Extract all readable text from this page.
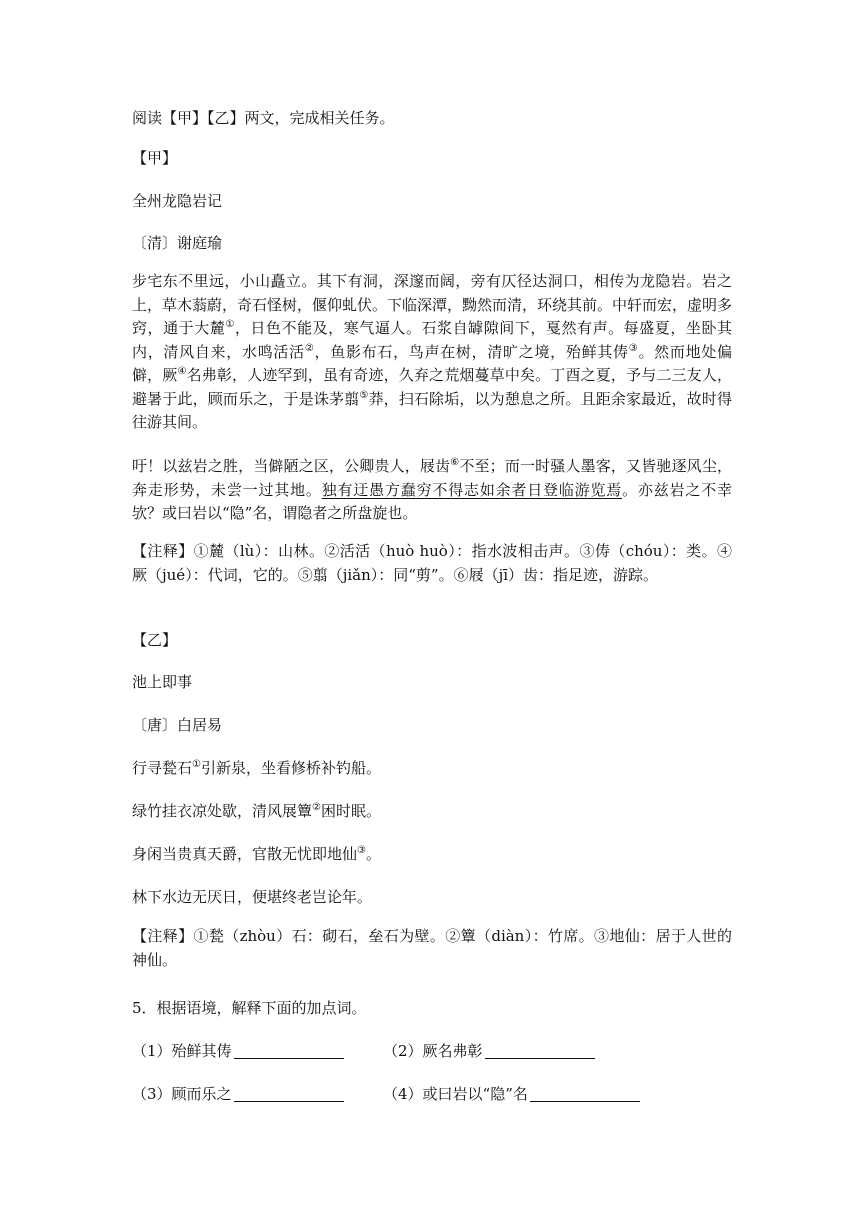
阅读【甲】【乙】两文，完成相关任务。
【甲】
全州龙隐岩记
〔清〕谢庭瑜
步宅东不里远，小山矗立。其下有洞，深邃而阔，旁有仄径达洞口，相传为龙隐岩。岩之上，草木蓊蔚，奇石怪树，偃仰虬伏。下临深潭，黝然而清，环绕其前。中轩而宏，虚明多窍，通于大麓①，日色不能及，寒气逼人。石浆自罅隙间下，戛然有声。每盛夏，坐卧其内，清风自来，水鸣活活②，鱼影布石，鸟声在树，清旷之境，殆鲜其俦③。然而地处偏僻，厥④名弗彰，人迹罕到，虽有奇迹，久弃之荒烟蔓草中矣。丁酉之夏，予与二三友人，避暑于此，顾而乐之，于是诛茅翦⑤莽，扫石除垢，以为憩息之所。且距余家最近，故时得往游其间。
吁！以兹岩之胜，当僻陋之区，公卿贵人，屐齿⑥不至；而一时骚人墨客，又皆驰逐风尘，奔走形势，未尝一过其地。独有迂愚方蠢穷不得志如余者日登临游览焉。亦兹岩之不幸欤？或曰岩以“隐”名，谓隐者之所盘旋也。
【注释】①麓（lù）：山林。②活活（huò huò）：指水波相击声。③俦（chóu）：类。④厥（jué）：代词，它的。⑤翦（jiǎn）：同“剪”。⑥屐（jī）齿：指足迹，游踪。
【乙】
池上即事
〔唐〕白居易
行寻甃石①引新泉，坐看修桥补钓船。
绿竹挂衣凉处歇，清风展簟②困时眠。
身闲当贵真天爵，官散无忧即地仙③。
林下水边无厌日，便堪终老岂论年。
【注释】①甃（zhòu）石：砌石，垒石为壁。②簟（diàn）：竹席。③地仙：居于人世的神仙。
5．根据语境，解释下面的加点词。
（1）殆鲜其俦	（2）厥名弗彰
（3）顾而乐之	（4）或曰岩以“隐”名
